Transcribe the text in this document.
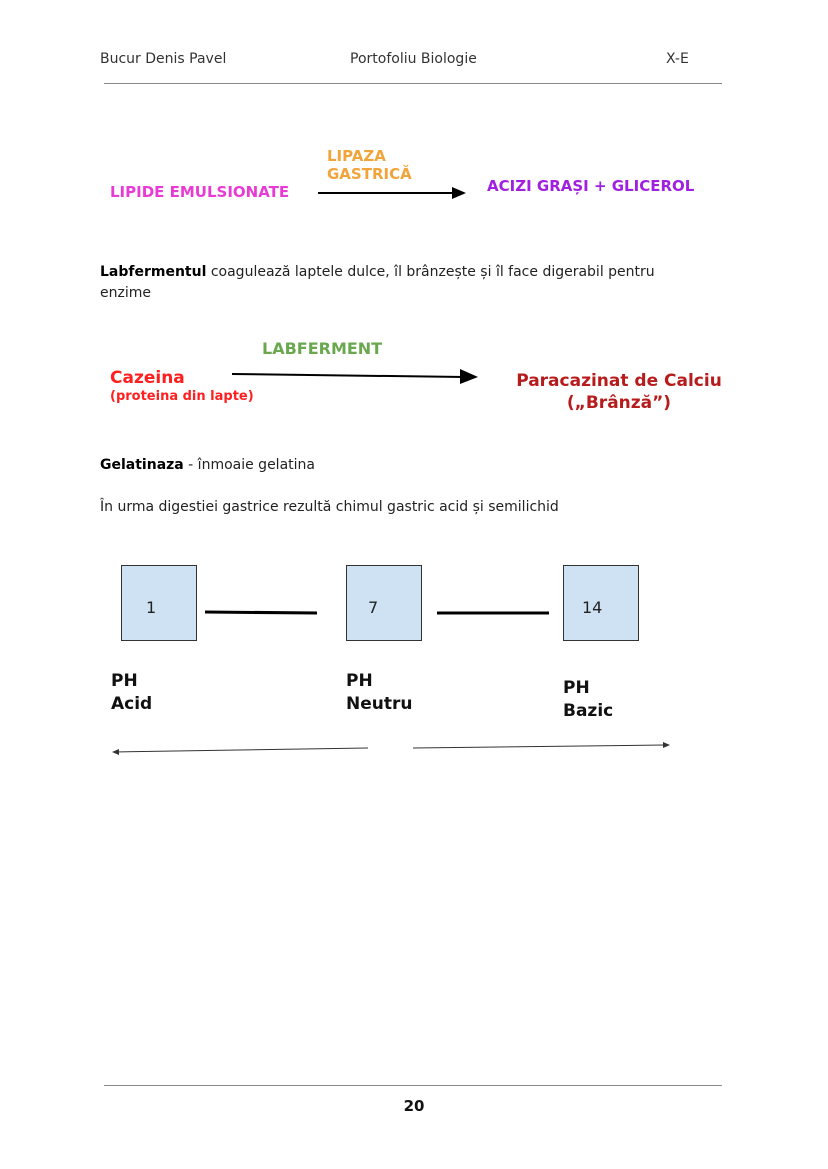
Bucur Denis Pavel	Portofoliu Biologie	X-E
LIPAZA
GASTRICĂ
LIPIDE EMULSIONATE	ACIZI GRAȘI + GLICEROL
Labfermentul coagulează laptele dulce, îl brânzește și îl face digerabil pentru
enzime
LABFERMENT
Cazeina
(proteina din lapte)
Paracazinat de Calciu
(„Brânză”)
Gelatinaza - înmoaie gelatina
În urma digestiei gastrice rezultă chimul gastric acid și semilichid
1	7	14
PH
Acid
PH
Neutru
PH
Bazic
20
